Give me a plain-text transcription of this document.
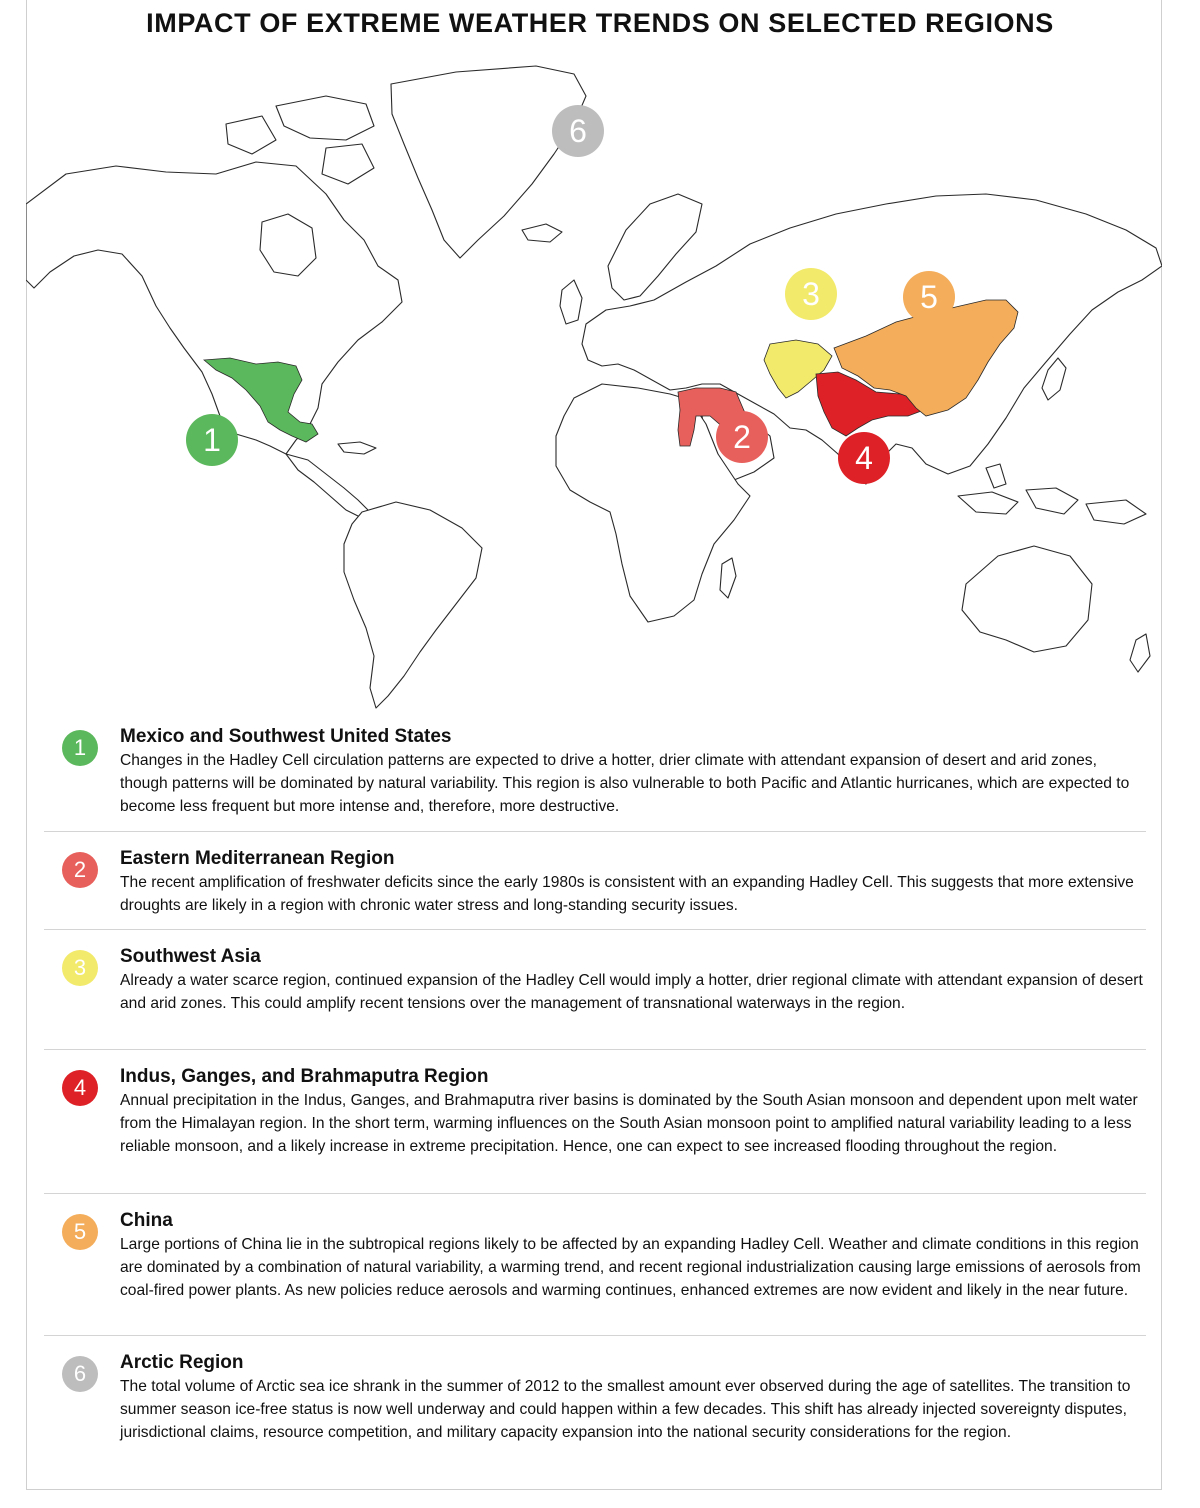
IMPACT OF EXTREME WEATHER TRENDS ON SELECTED REGIONS
1	2
3
4
5
6
1	Mexico and Southwest United States

Changes in the Hadley Cell circulation patterns are expected to drive a hotter, drier climate with attendant expansion of desert and arid zones, though patterns will be dominated by natural variability. This region is also vulnerable to both Pacific and Atlantic hurricanes, which are expected to become less frequent but more intense and, therefore, more destructive.

2	Eastern Mediterranean Region

The recent amplification of freshwater deficits since the early 1980s is consistent with an expanding Hadley Cell. This suggests that more extensive droughts are likely in a region with chronic water stress and long-standing security issues.

3	Southwest Asia

Already a water scarce region, continued expansion of the Hadley Cell would imply a hotter, drier regional climate with attendant expansion of desert and arid zones. This could amplify recent tensions over the management of transnational waterways in the region.

4	Indus, Ganges, and Brahmaputra Region

Annual precipitation in the Indus, Ganges, and Brahmaputra river basins is dominated by the South Asian monsoon and dependent upon melt water from the Himalayan region. In the short term, warming influences on the South Asian monsoon point to amplified natural variability leading to a less reliable monsoon, and a likely increase in extreme precipitation. Hence, one can expect to see increased flooding throughout the region.

5	China

Large portions of China lie in the subtropical regions likely to be affected by an expanding Hadley Cell. Weather and climate conditions in this region are dominated by a combination of natural variability, a warming trend, and recent regional industrialization causing large emissions of aerosols from coal-fired power plants. As new policies reduce aerosols and warming continues, enhanced extremes are now evident and likely in the near future.

6	Arctic Region

The total volume of Arctic sea ice shrank in the summer of 2012 to the smallest amount ever observed during the age of satellites. The transition to summer season ice-free status is now well underway and could happen within a few decades. This shift has already injected sovereignty disputes, jurisdictional claims, resource competition, and military capacity expansion into the national security considerations for the region.
